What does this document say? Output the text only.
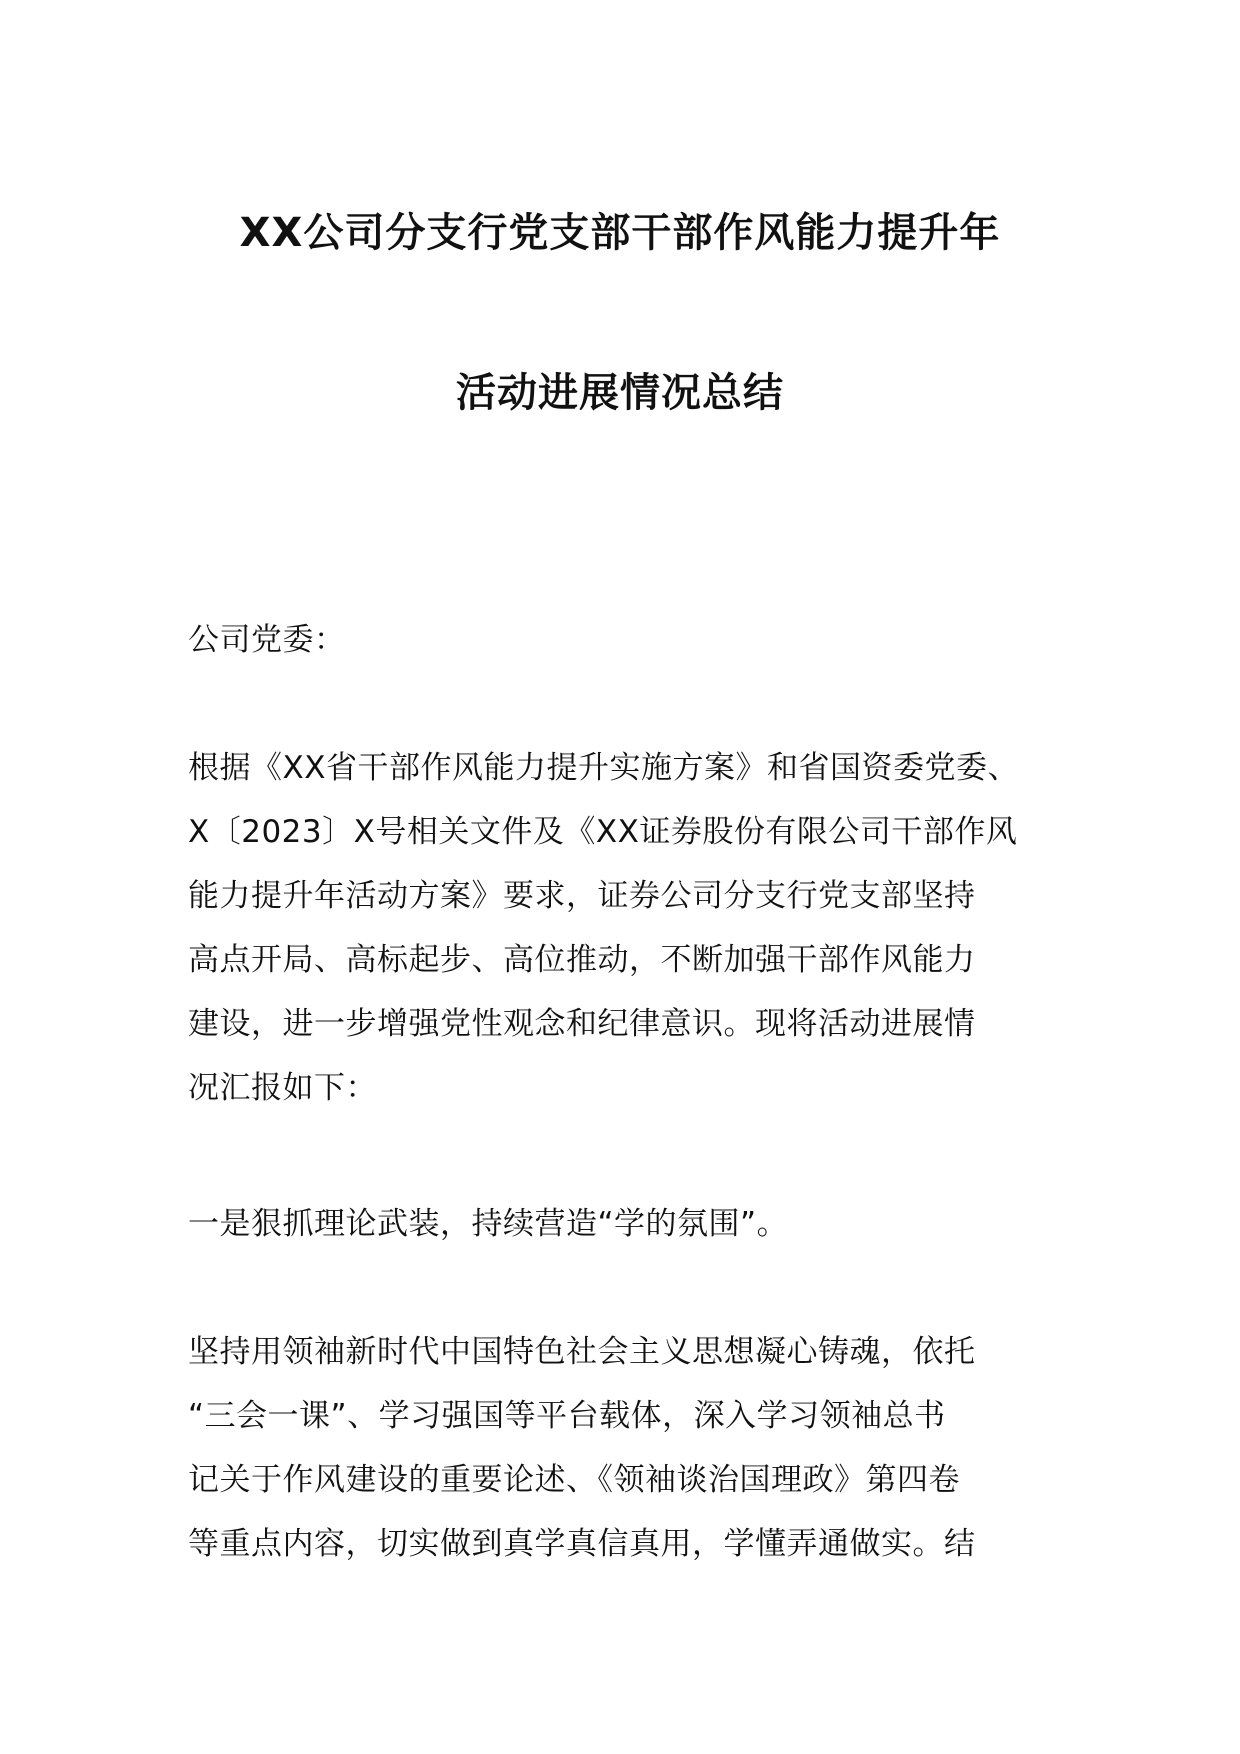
XX公司分支行党支部干部作风能力提升年
活动进展情况总结
公司党委：
根据《XX省干部作风能力提升实施方案》和省国资委党委、
X〔2023〕X号相关文件及《XX证券股份有限公司干部作风
能力提升年活动方案》要求，证券公司分支行党支部坚持
高点开局、高标起步、高位推动，不断加强干部作风能力
建设，进一步增强党性观念和纪律意识。现将活动进展情
况汇报如下：
一是狠抓理论武装，持续营造“学的氛围”。
坚持用领袖新时代中国特色社会主义思想凝心铸魂，依托
“三会一课”、学习强国等平台载体，深入学习领袖总书
记关于作风建设的重要论述、《领袖谈治国理政》第四卷
等重点内容，切实做到真学真信真用，学懂弄通做实。结
